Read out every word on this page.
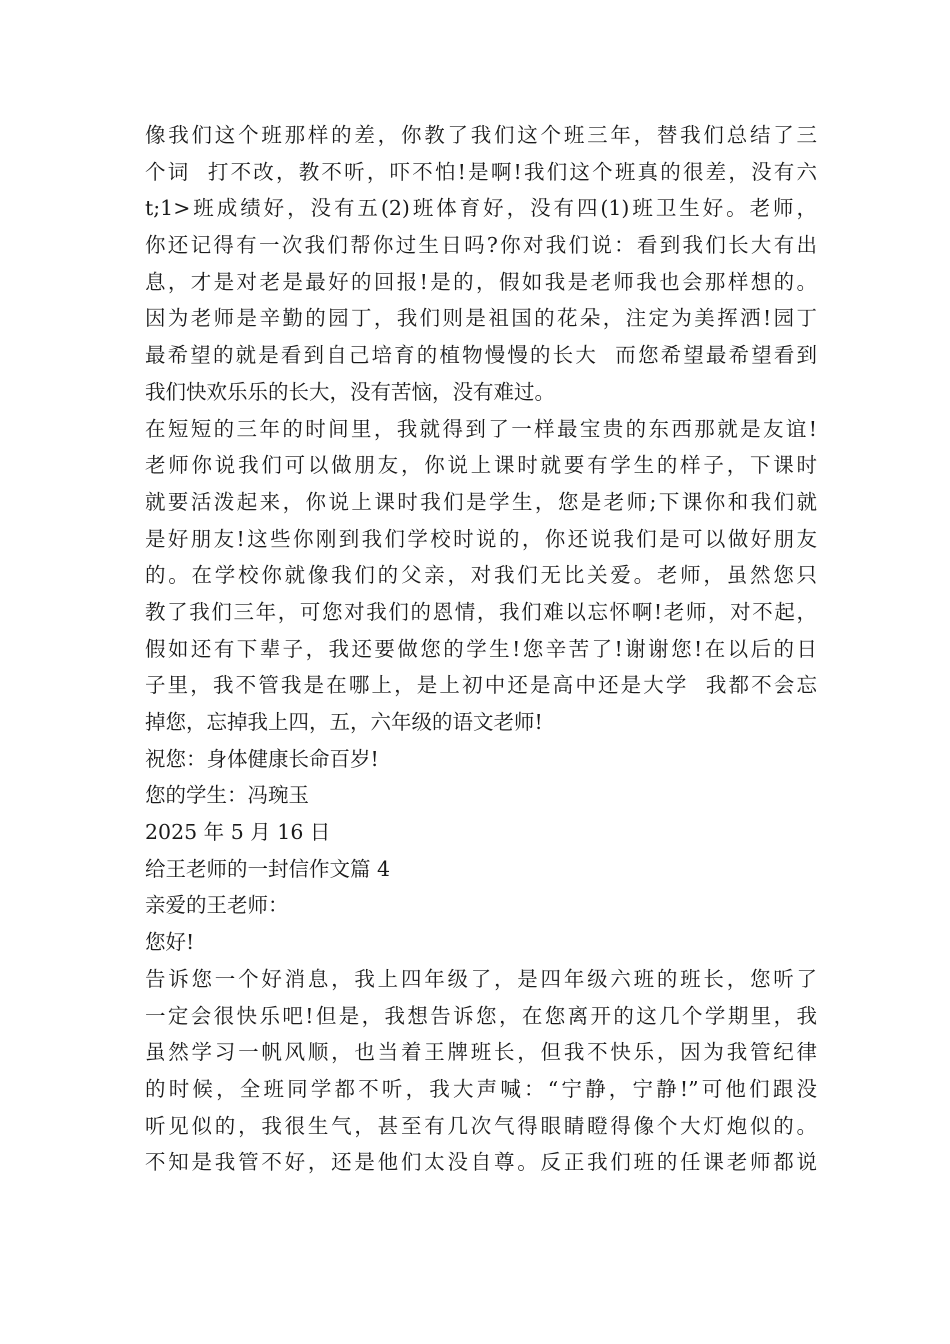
像我们这个班那样的差，你教了我们这个班三年，替我们总结了三
个词  打不改，教不听，吓不怕!是啊!我们这个班真的很差，没有六
t;1>班成绩好，没有五(2)班体育好，没有四(1)班卫生好。老师，
你还记得有一次我们帮你过生日吗?你对我们说：看到我们长大有出
息，才是对老是最好的回报!是的，假如我是老师我也会那样想的。
因为老师是辛勤的园丁，我们则是祖国的花朵，注定为美挥洒!园丁
最希望的就是看到自己培育的植物慢慢的长大  而您希望最希望看到
我们快欢乐乐的长大，没有苦恼，没有难过。
在短短的三年的时间里，我就得到了一样最宝贵的东西那就是友谊!
老师你说我们可以做朋友，你说上课时就要有学生的样子，下课时
就要活泼起来，你说上课时我们是学生，您是老师;下课你和我们就
是好朋友!这些你刚到我们学校时说的，你还说我们是可以做好朋友
的。在学校你就像我们的父亲，对我们无比关爱。老师，虽然您只
教了我们三年，可您对我们的恩情，我们难以忘怀啊!老师，对不起，
假如还有下辈子，我还要做您的学生!您辛苦了!谢谢您!在以后的日
子里，我不管我是在哪上，是上初中还是高中还是大学  我都不会忘
掉您，忘掉我上四，五，六年级的语文老师!
祝您：身体健康长命百岁!
您的学生：冯琬玉
2025 年 5 月 16 日
给王老师的一封信作文篇 4
亲爱的王老师：
您好!
告诉您一个好消息，我上四年级了，是四年级六班的班长，您听了
一定会很快乐吧!但是，我想告诉您，在您离开的这几个学期里，我
虽然学习一帆风顺，也当着王牌班长，但我不快乐，因为我管纪律
的时候，全班同学都不听，我大声喊：“宁静，宁静!”可他们跟没
听见似的，我很生气，甚至有几次气得眼睛瞪得像个大灯炮似的。
不知是我管不好，还是他们太没自尊。反正我们班的任课老师都说
